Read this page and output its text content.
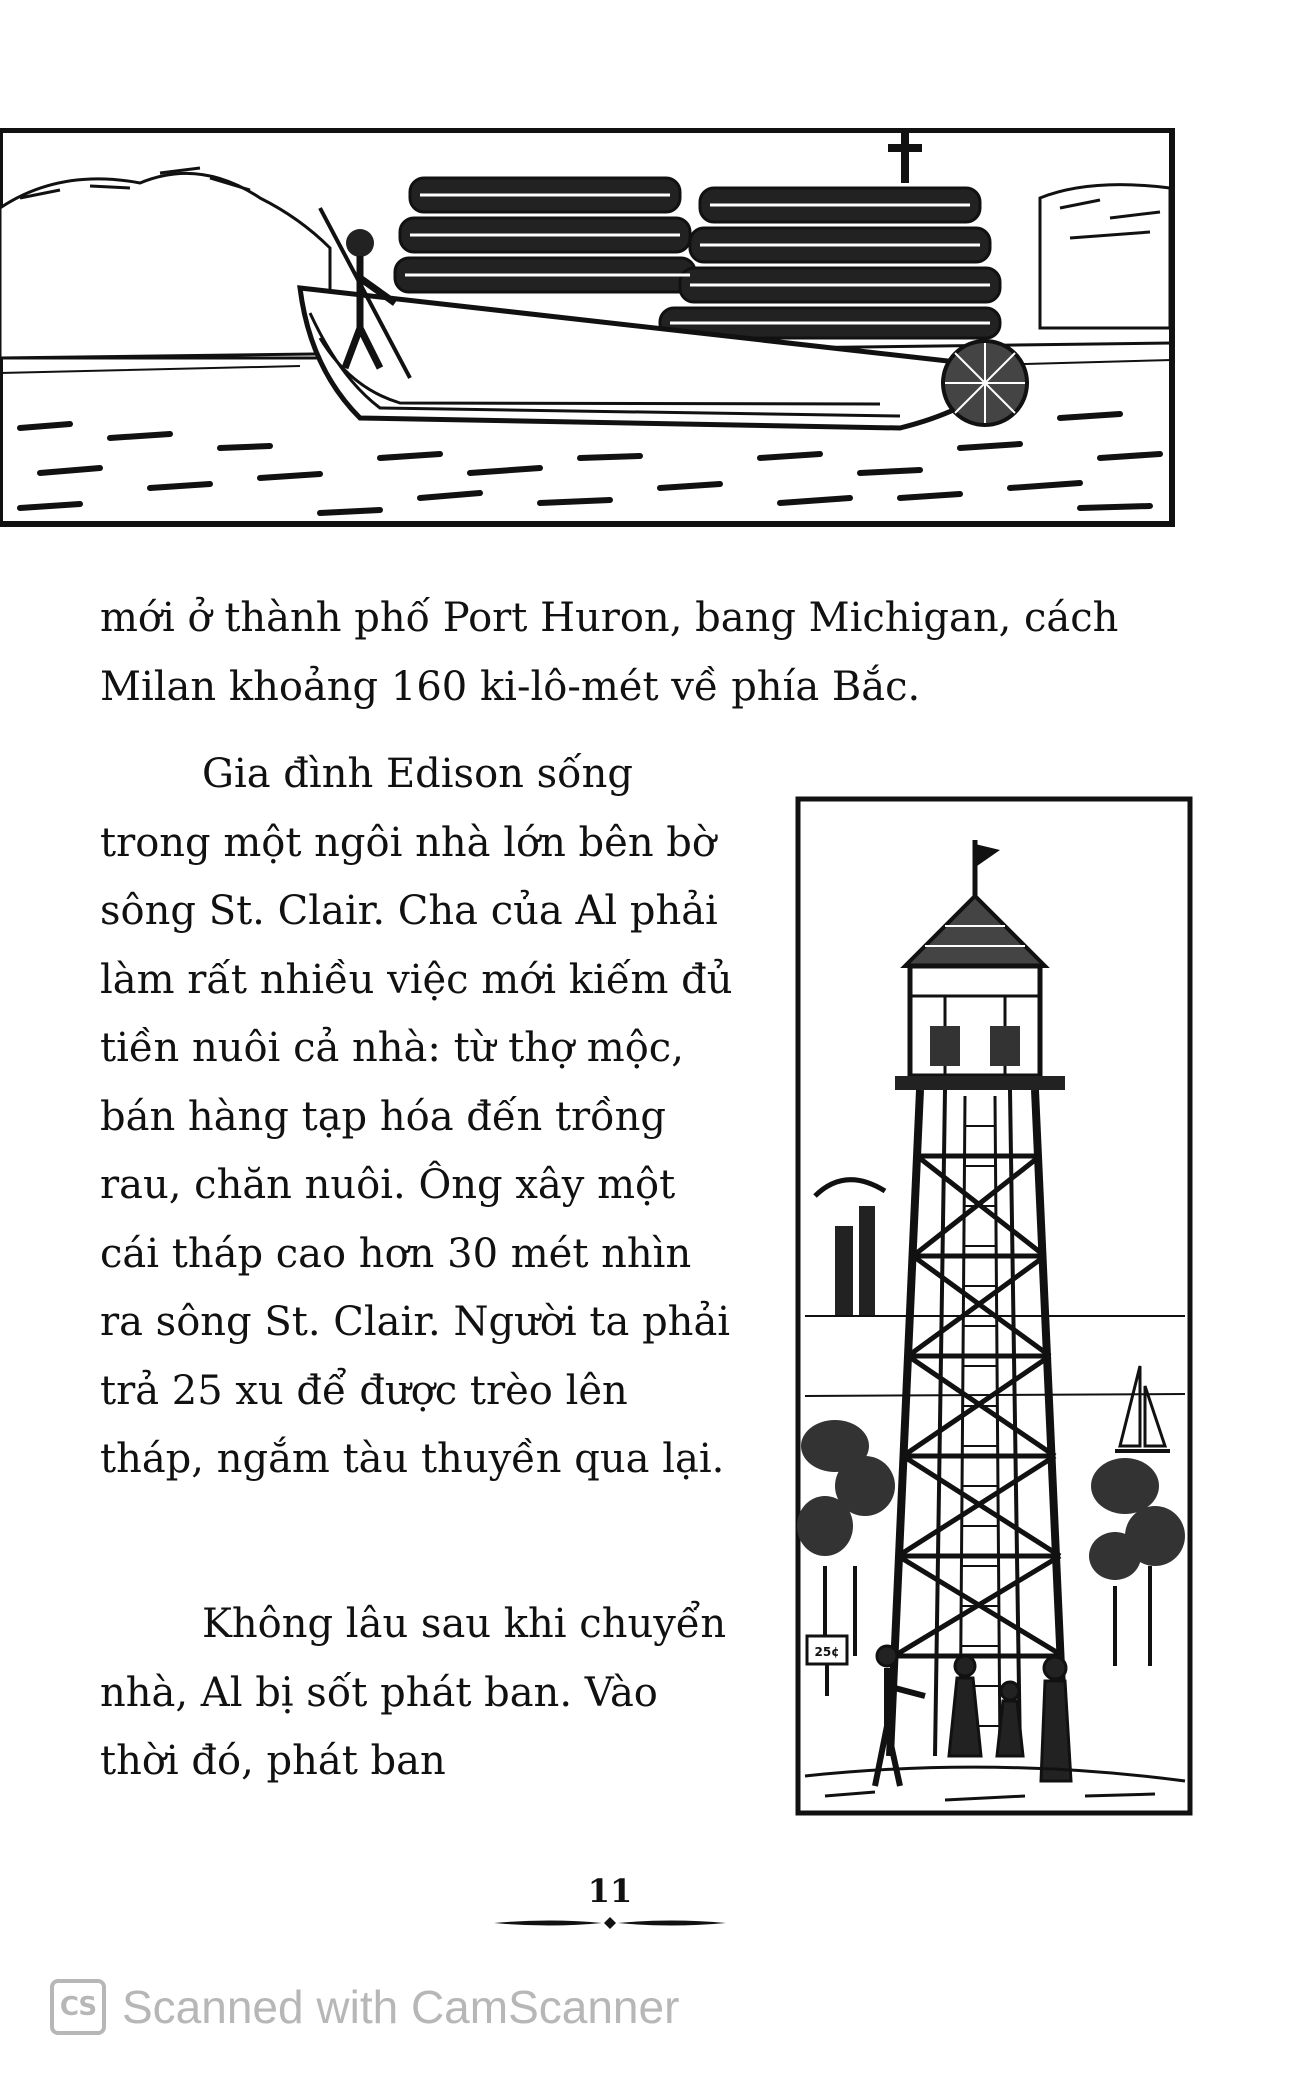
mới ở thành phố Port Huron, bang Michigan, cách Milan khoảng 160 ki-lô-mét về phía Bắc.

Gia đình Edison sống trong một ngôi nhà lớn bên bờ sông St. Clair. Cha của Al phải làm rất nhiều việc mới kiếm đủ tiền nuôi cả nhà: từ thợ mộc, bán hàng tạp hóa đến trồng rau, chăn nuôi. Ông xây một cái tháp cao hơn 30 mét nhìn ra sông St. Clair. Người ta phải trả 25 xu để được trèo lên tháp, ngắm tàu thuyền qua lại.

Không lâu sau khi chuyển nhà, Al bị sốt phát ban. Vào thời đó, phát ban

25¢
11
CS Scanned with CamScanner
